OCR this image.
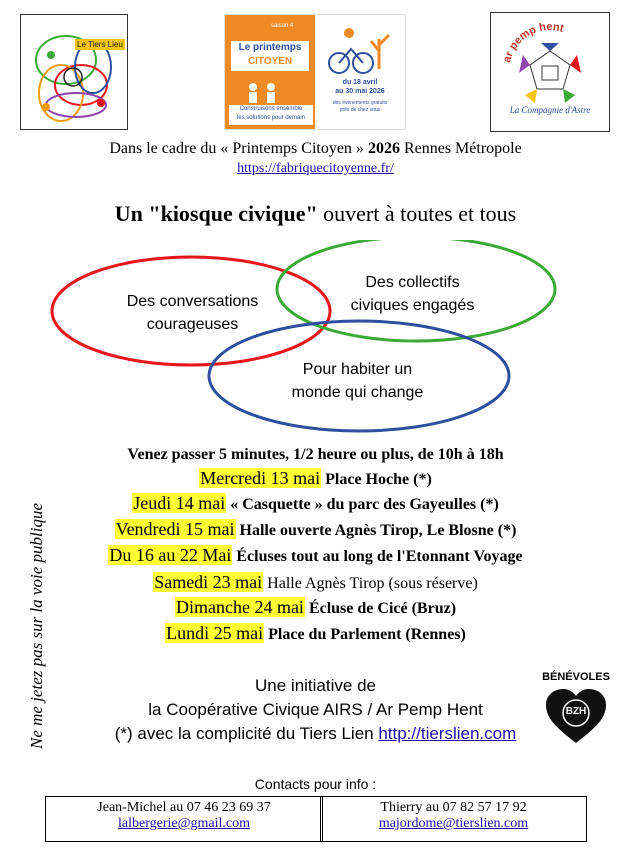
Le Tiers Lieu
saison 4
Le printemps
CITOYEN
Construisons ensemble
les solutions pour demain
du 18 avril
au 30 mai 2026
des évènements gratuits
près de chez vous
ar pemp hent
La Compagnie d'Astre
Dans le cadre du « Printemps Citoyen » 2026 Rennes Métropole
https://fabriquecitoyenne.fr/
Un "kiosque civique" ouvert à toutes et tous
Des conversations
courageuses
Des collectifs
civiques engagés
Pour habiter un
monde qui change
Venez passer 5 minutes, 1/2 heure ou plus, de 10h à 18h
Mercredi 13 mai Place Hoche (*)
Jeudi 14 mai « Casquette » du parc des Gayeulles (*)
Vendredi 15 mai Halle ouverte Agnès Tirop, Le Blosne (*)
Du 16 au 22 Mai Écluses tout au long de l'Etonnant Voyage
Samedi 23 mai Halle Agnès Tirop (sous réserve)
Dimanche 24 mai Écluse de Cicé (Bruz)
Lundi 25 mai Place du Parlement (Rennes)
Ne me jetez pas sur la voie publique	Une initiative de
la Coopérative Civique AIRS / Ar Pemp Hent
(*) avec la complicité du Tiers Lien http://tierslien.com
BÉNÉVOLES
BZH
Contacts pour info :
Jean-Michel au 07 46 23 69 37
lalbergerie@gmail.com
Thierry au 07 82 57 17 92
majordome@tierslien.com
